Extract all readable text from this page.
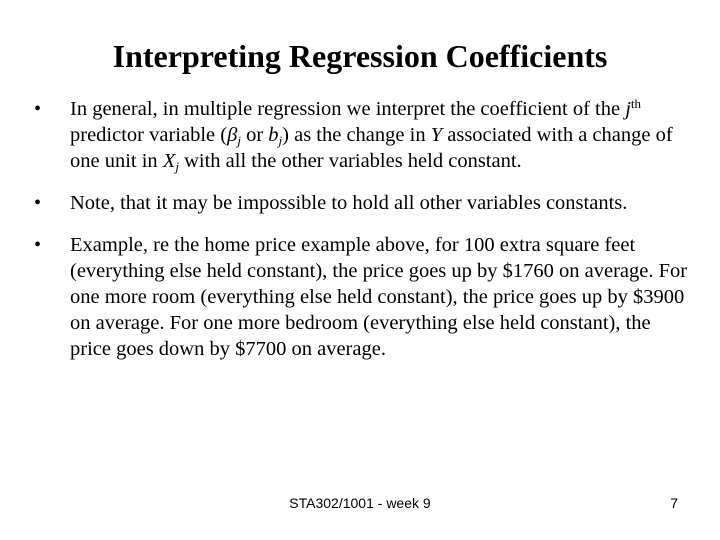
Interpreting Regression Coefficients
• In general, in multiple regression we interpret the coefficient of the $j^{th}$ predictor variable ($\beta_j$ or $b_j$) as the change in Y associated with a change of one unit in $X_j$ with all the other variables held constant.
• Note, that it may be impossible to hold all other variables constants.
• Example, re the home price example above, for 100 extra square feet (everything else held constant), the price goes up by $1760 on average. For one more room (everything else held constant), the price goes up by $3900 on average. For one more bedroom (everything else held constant), the price goes down by $7700 on average.
STA302/1001 - week 9	7
